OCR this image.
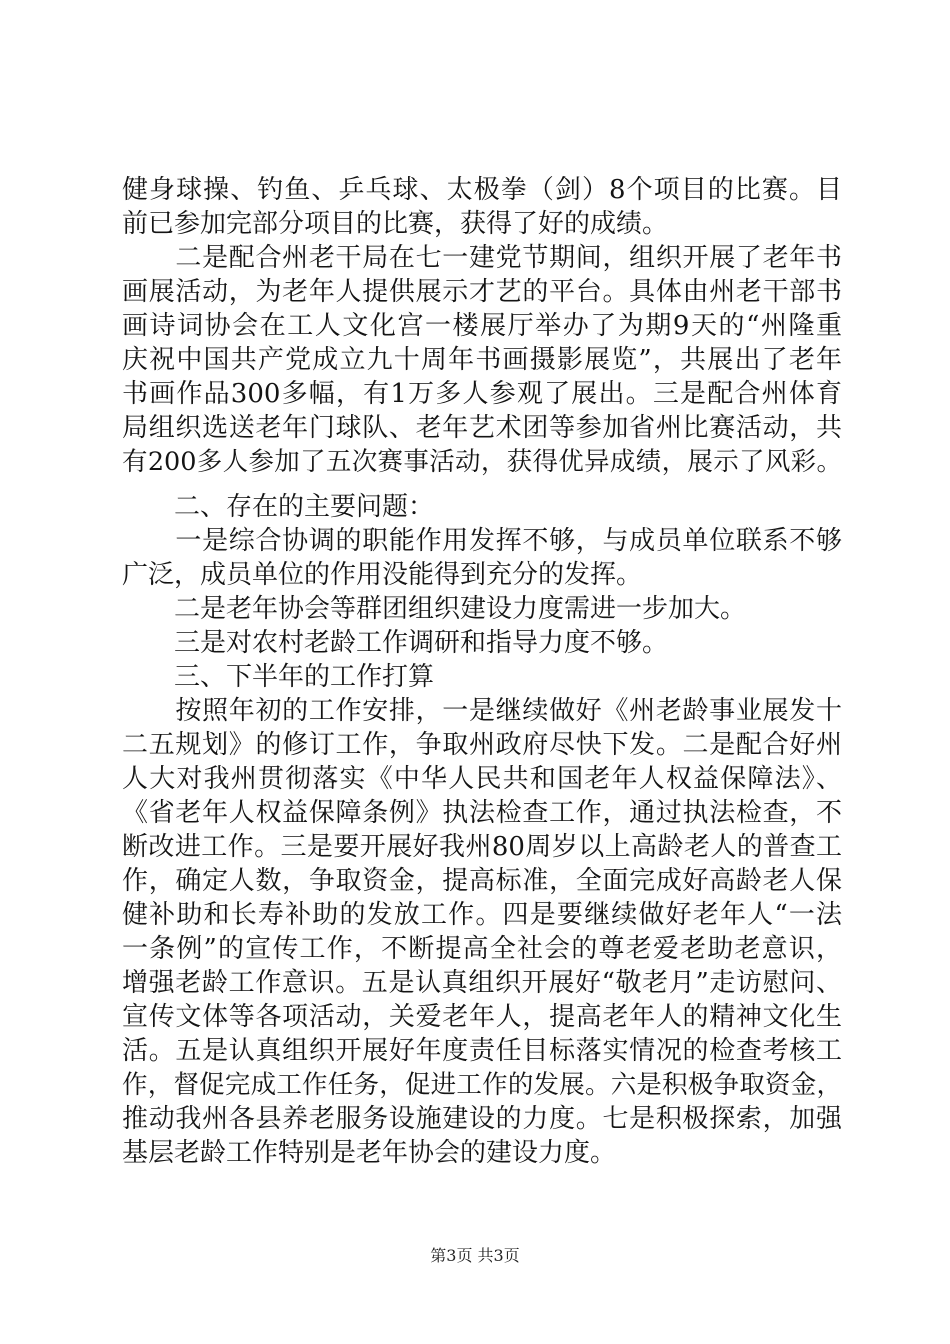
健身球操、钓鱼、乒乓球、太极拳（剑）8个项目的比赛。目
前已参加完部分项目的比赛，获得了好的成绩。
　　二是配合州老干局在七一建党节期间，组织开展了老年书
画展活动，为老年人提供展示才艺的平台。具体由州老干部书
画诗词协会在工人文化宫一楼展厅举办了为期9天的“州隆重
庆祝中国共产党成立九十周年书画摄影展览”，共展出了老年
书画作品300多幅，有1万多人参观了展出。三是配合州体育
局组织选送老年门球队、老年艺术团等参加省州比赛活动，共
有200多人参加了五次赛事活动，获得优异成绩，展示了风彩。
　　二、存在的主要问题：
　　一是综合协调的职能作用发挥不够，与成员单位联系不够
广泛，成员单位的作用没能得到充分的发挥。
　　二是老年协会等群团组织建设力度需进一步加大。
　　三是对农村老龄工作调研和指导力度不够。
　　三、下半年的工作打算
　　按照年初的工作安排，一是继续做好《州老龄事业展发十
二五规划》的修订工作，争取州政府尽快下发。二是配合好州
人大对我州贯彻落实《中华人民共和国老年人权益保障法》、
《省老年人权益保障条例》执法检查工作，通过执法检查，不
断改进工作。三是要开展好我州80周岁以上高龄老人的普查工
作，确定人数，争取资金，提高标准，全面完成好高龄老人保
健补助和长寿补助的发放工作。四是要继续做好老年人“一法
一条例”的宣传工作，不断提高全社会的尊老爱老助老意识，
增强老龄工作意识。五是认真组织开展好“敬老月”走访慰问、
宣传文体等各项活动，关爱老年人，提高老年人的精神文化生
活。五是认真组织开展好年度责任目标落实情况的检查考核工
作，督促完成工作任务，促进工作的发展。六是积极争取资金，
推动我州各县养老服务设施建设的力度。七是积极探索，加强
基层老龄工作特别是老年协会的建设力度。
第3页 共3页
